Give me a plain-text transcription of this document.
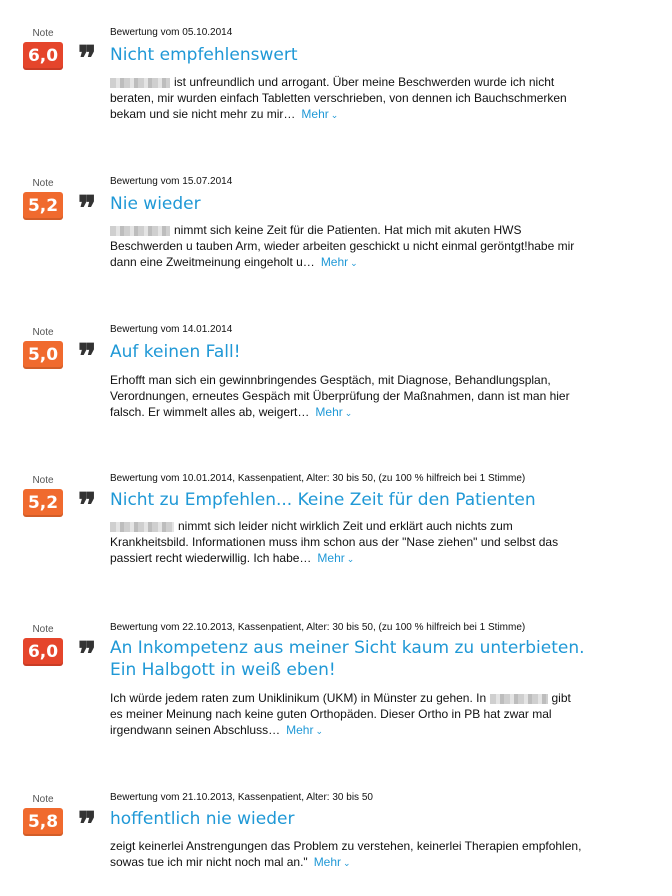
Note
6,0
Bewertung vom 05.10.2014
❞ Nicht empfehlenswert
ist unfreundlich und arrogant. Über meine Beschwerden wurde ich nicht beraten, mir wurden einfach Tabletten verschrieben, von dennen ich Bauchschmerken bekam und sie nicht mehr zu mir… Mehr ⌄
Note
5,2
Bewertung vom 15.07.2014
❞ Nie wieder
nimmt sich keine Zeit für die Patienten. Hat mich mit akuten HWS Beschwerden u tauben Arm, wieder arbeiten geschickt u nicht einmal geröntgt!habe mir dann eine Zweitmeinung eingeholt u… Mehr ⌄
Note
5,0
Bewertung vom 14.01.2014
❞ Auf keinen Fall!
Erhofft man sich ein gewinnbringendes Gesptäch, mit Diagnose, Behandlungsplan, Verordnungen, erneutes Gespäch mit Überprüfung der Maßnahmen, dann ist man hier falsch. Er wimmelt alles ab, weigert… Mehr ⌄
Note
5,2
Bewertung vom 10.01.2014, Kassenpatient, Alter: 30 bis 50, (zu 100 % hilfreich bei 1 Stimme)
❞ Nicht zu Empfehlen... Keine Zeit für den Patienten
nimmt sich leider nicht wirklich Zeit und erklärt auch nichts zum Krankheitsbild. Informationen muss ihm schon aus der "Nase ziehen" und selbst das passiert recht wiederwillig. Ich habe… Mehr ⌄
Note
6,0
Bewertung vom 22.10.2013, Kassenpatient, Alter: 30 bis 50, (zu 100 % hilfreich bei 1 Stimme)
❞ An Inkompetenz aus meiner Sicht kaum zu unterbieten. Ein Halbgott in weiß eben!
Ich würde jedem raten zum Uniklinikum (UKM) in Münster zu gehen. In	gibt es meiner Meinung nach keine guten Orthopäden. Dieser Ortho in PB hat zwar mal irgendwann seinen Abschluss… Mehr ⌄
Note
5,8
Bewertung vom 21.10.2013, Kassenpatient, Alter: 30 bis 50
❞ hoffentlich nie wieder
zeigt keinerlei Anstrengungen das Problem zu verstehen, keinerlei Therapien empfohlen, sowas tue ich mir nicht noch mal an." Mehr ⌄
